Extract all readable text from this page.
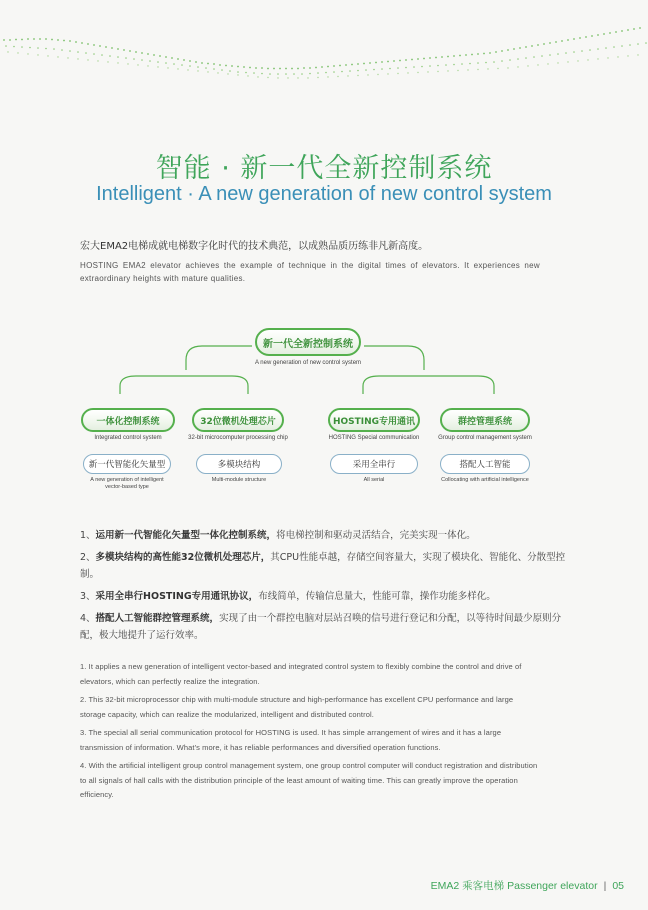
智能 · 新一代全新控制系统
Intelligent · A new generation of new control system
宏大EMA2电梯成就电梯数字化时代的技术典范，以成熟品质历练非凡新高度。
HOSTING EMA2 elevator achieves the example of technique in the digital times of elevators. It experiences new extraordinary heights with mature qualities.
新一代全新控制系统
A new generation of new control system
一体化控制系统
Integrated control system
新一代智能化矢量型
A new generation of intelligent vector-based type
32位微机处理芯片
32-bit microcomputer processing chip
多模块结构
Multi-module structure
HOSTING专用通讯
HOSTING Special communication
采用全串行
All serial
群控管理系统
Group control management system
搭配人工智能
Collocating with artificial intelligence
1、运用新一代智能化矢量型一体化控制系统，将电梯控制和驱动灵活结合，完美实现一体化。
2、多模块结构的高性能32位微机处理芯片，其CPU性能卓越，存储空间容量大，实现了模块化、智能化、分散型控制。
3、采用全串行HOSTING专用通讯协议，布线简单，传输信息量大，性能可靠，操作功能多样化。
4、搭配人工智能群控管理系统，实现了由一个群控电脑对层站召唤的信号进行登记和分配，以等待时间最少原则分配，极大地提升了运行效率。
1. It applies a new generation of intelligent vector-based and integrated control system to flexibly combine the control and drive of elevators, which can perfectly realize the integration.
2. This 32-bit microprocessor chip with multi-module structure and high-performance has excellent CPU performance and large storage capacity, which can realize the modularized, intelligent and distributed control.
3. The special all serial communication protocol for HOSTING is used. It has simple arrangement of wires and it has a large transmission of information. What's more, it has reliable performances and diversified operation functions.
4. With the artificial intelligent group control management system, one group control computer will conduct registration and distribution to all signals of hall calls with the distribution principle of the least amount of waiting time. This can greatly improve the operation efficiency.
EMA2 乘客电梯 Passenger elevator | 05
